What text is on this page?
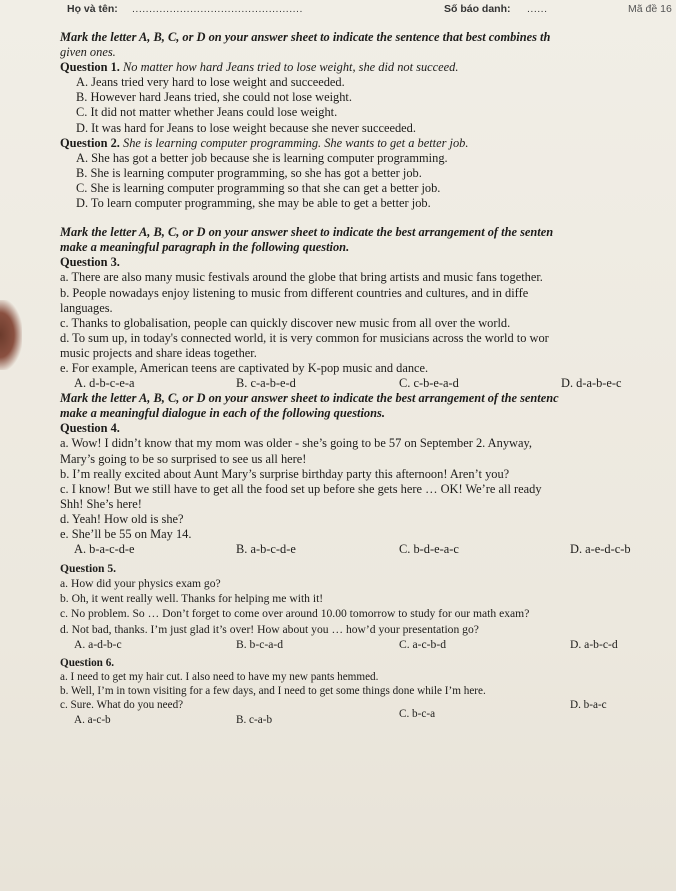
Họ và tên: ..................................................	Số báo danh: ......	Mã đề 16

Mark the letter A, B, C, or D on your answer sheet to indicate the sentence that best combines th

given ones.

Question 1. No matter how hard Jeans tried to lose weight, she did not succeed.

A. Jeans tried very hard to lose weight and succeeded.

B. However hard Jeans tried, she could not lose weight.

C. It did not matter whether Jeans could lose weight.

D. It was hard for Jeans to lose weight because she never succeeded.

Question 2. She is learning computer programming. She wants to get a better job.

A. She has got a better job because she is learning computer programming.

B. She is learning computer programming, so she has got a better job.

C. She is learning computer programming so that she can get a better job.

D. To learn computer programming, she may be able to get a better job.

Mark the letter A, B, C, or D on your answer sheet to indicate the best arrangement of the senten

make a meaningful paragraph in the following question.

Question 3.

a. There are also many music festivals around the globe that bring artists and music fans together.

b. People nowadays enjoy listening to music from different countries and cultures, and in diffe

languages.

c. Thanks to globalisation, people can quickly discover new music from all over the world.

d. To sum up, in today's connected world, it is very common for musicians across the world to wor

music projects and share ideas together.

e. For example, American teens are captivated by K-pop music and dance.

A. d-b-c-e-a	B. c-a-b-e-d	C. c-b-e-a-d	D. d-a-b-e-c

Mark the letter A, B, C, or D on your answer sheet to indicate the best arrangement of the sentenc

make a meaningful dialogue in each of the following questions.

Question 4.

a. Wow! I didn’t know that my mom was older - she’s going to be 57 on September 2. Anyway,

Mary’s going to be so surprised to see us all here!

b. I’m really excited about Aunt Mary’s surprise birthday party this afternoon! Aren’t you?

c. I know! But we still have to get all the food set up before she gets here … OK! We’re all ready

Shh! She’s here!

d. Yeah! How old is she?

e. She’ll be 55 on May 14.

A. b-a-c-d-e	B. a-b-c-d-e	C. b-d-e-a-c	D. a-e-d-c-b

Question 5.

a. How did your physics exam go?

b. Oh, it went really well. Thanks for helping me with it!

c. No problem. So … Don’t forget to come over around 10.00 tomorrow to study for our math exam?

d. Not bad, thanks. I’m just glad it’s over! How about you … how’d your presentation go?

A. a-d-b-c	B. b-c-a-d	C. a-c-b-d	D. a-b-c-d

Question 6.

a. I need to get my hair cut. I also need to have my new pants hemmed.

b. Well, I’m in town visiting for a few days, and I need to get some things done while I’m here.

c. Sure. What do you need?	D. b-a-c
A. a-c-b	B. c-a-b	C. b-c-a
